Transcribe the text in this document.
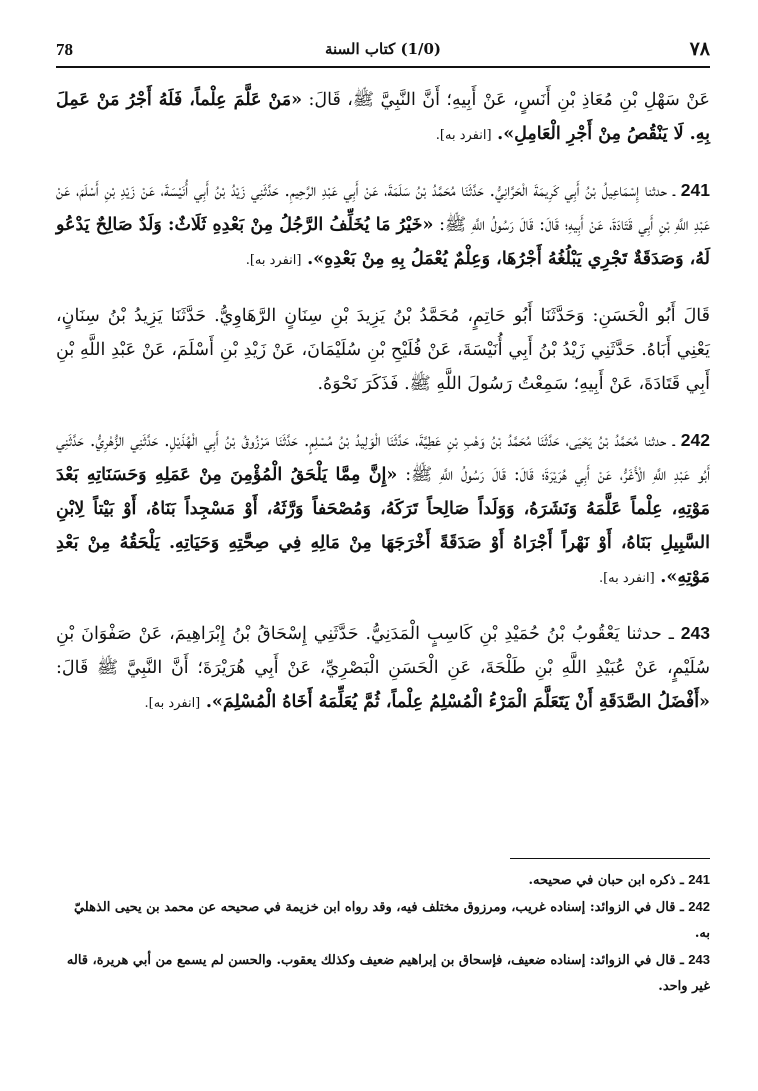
78	(1/0) كتاب السنة	٧٨

عَنْ سَهْلِ بْنِ مُعَاذِ بْنِ أَنَسٍ، عَنْ أَبِيهِ؛ أَنَّ النَّبِيَّ ﷺ، قَالَ: «مَنْ عَلَّمَ عِلْماً، فَلَهُ أَجْرُ مَنْ عَمِلَ بِهِ. لَا يَنْقُصُ مِنْ أَجْرِ الْعَامِلِ». [انفرد به].

241 ـ حدثنا إِسْمَاعِيلُ بْنُ أَبِي كَرِيمَةَ الْحَرَّانِيُّ. حَدَّثَنَا مُحَمَّدُ بْنُ سَلَمَةَ، عَنْ أَبِي عَبْدِ الرَّحِيمِ. حَدَّثَنِي زَيْدُ بْنُ أَبِي أُنَيْسَةَ، عَنْ زَيْدِ بْنِ أَسْلَمَ، عَنْ عَبْدِ اللَّهِ بْنِ أَبِي قَتَادَةَ، عَنْ أَبِيهِ؛ قَالَ: قَالَ رَسُولُ اللَّهِ ﷺ: «خَيْرُ مَا يُخَلِّفُ الرَّجُلُ مِنْ بَعْدِهِ ثَلَاثٌ: وَلَدٌ صَالِحٌ يَدْعُو لَهُ، وَصَدَقَةٌ تَجْرِي يَبْلُغُهُ أَجْرُهَا، وَعِلْمٌ يُعْمَلُ بِهِ مِنْ بَعْدِهِ». [انفرد به].

قَالَ أَبُو الْحَسَنِ: وَحَدَّثَنَا أَبُو حَاتِمٍ، مُحَمَّدُ بْنُ يَزِيدَ بْنِ سِنَانٍ الرَّهَاوِيُّ. حَدَّثَنَا يَزِيدُ بْنُ سِنَانٍ، يَعْنِي أَبَاهُ. حَدَّثَنِي زَيْدُ بْنُ أَبِي أُنَيْسَةَ، عَنْ فُلَيْحِ بْنِ سُلَيْمَانَ، عَنْ زَيْدِ بْنِ أَسْلَمَ، عَنْ عَبْدِ اللَّهِ بْنِ أَبِي قَتَادَةَ، عَنْ أَبِيهِ؛ سَمِعْتُ رَسُولَ اللَّهِ ﷺ. فَذَكَرَ نَحْوَهُ.

242 ـ حدثنا مُحَمَّدُ بْنُ يَحْيَى، حَدَّثَنَا مُحَمَّدُ بْنُ وَهْبِ بْنِ عَطِيَّةَ، حَدَّثَنَا الْوَلِيدُ بْنُ مُسْلِمٍ. حَدَّثَنَا مَرْزُوقُ بْنُ أَبِي الْهُذَيْلِ. حَدَّثَنِي الزُّهْرِيُّ. حَدَّثَنِي أَبُو عَبْدِ اللَّهِ الْأَغَرُّ، عَنْ أَبِي هُرَيْرَةَ؛ قَالَ: قَالَ رَسُولُ اللَّهِ ﷺ: «إِنَّ مِمَّا يَلْحَقُ الْمُؤْمِنَ مِنْ عَمَلِهِ وَحَسَنَاتِهِ بَعْدَ مَوْتِهِ، عِلْماً عَلَّمَهُ وَنَشَرَهُ، وَوَلَداً صَالِحاً تَرَكَهُ، وَمُصْحَفاً وَرَّثَهُ، أَوْ مَسْجِداً بَنَاهُ، أَوْ بَيْتاً لِابْنِ السَّبِيلِ بَنَاهُ، أَوْ نَهْراً أَجْرَاهُ أَوْ صَدَقَةً أَخْرَجَهَا مِنْ مَالِهِ فِي صِحَّتِهِ وَحَيَاتِهِ. يَلْحَقُهُ مِنْ بَعْدِ مَوْتِهِ». [انفرد به].

243 ـ حدثنا يَعْقُوبُ بْنُ حُمَيْدِ بْنِ كَاسِبٍ الْمَدَنِيُّ. حَدَّثَنِي إِسْحَاقُ بْنُ إِبْرَاهِيمَ، عَنْ صَفْوَانَ بْنِ سُلَيْمٍ، عَنْ عُبَيْدِ اللَّهِ بْنِ طَلْحَةَ، عَنِ الْحَسَنِ الْبَصْرِيِّ، عَنْ أَبِي هُرَيْرَةَ؛ أَنَّ النَّبِيَّ ﷺ قَالَ: «أَفْضَلُ الصَّدَقَةِ أَنْ يَتَعَلَّمَ الْمَرْءُ الْمُسْلِمُ عِلْماً، ثُمَّ يُعَلِّمَهُ أَخَاهُ الْمُسْلِمَ». [انفرد به].

241 ـ ذكره ابن حبان في صحيحه.

242 ـ قال في الزوائد: إسناده غريب، ومرزوق مختلف فيه، وقد رواه ابن خزيمة في صحيحه عن محمد بن يحيى الذهليّ به.

243 ـ قال في الزوائد: إسناده ضعيف، فإسحاق بن إبراهيم ضعيف وكذلك يعقوب. والحسن لم يسمع من أبي هريرة، قاله غير واحد.
